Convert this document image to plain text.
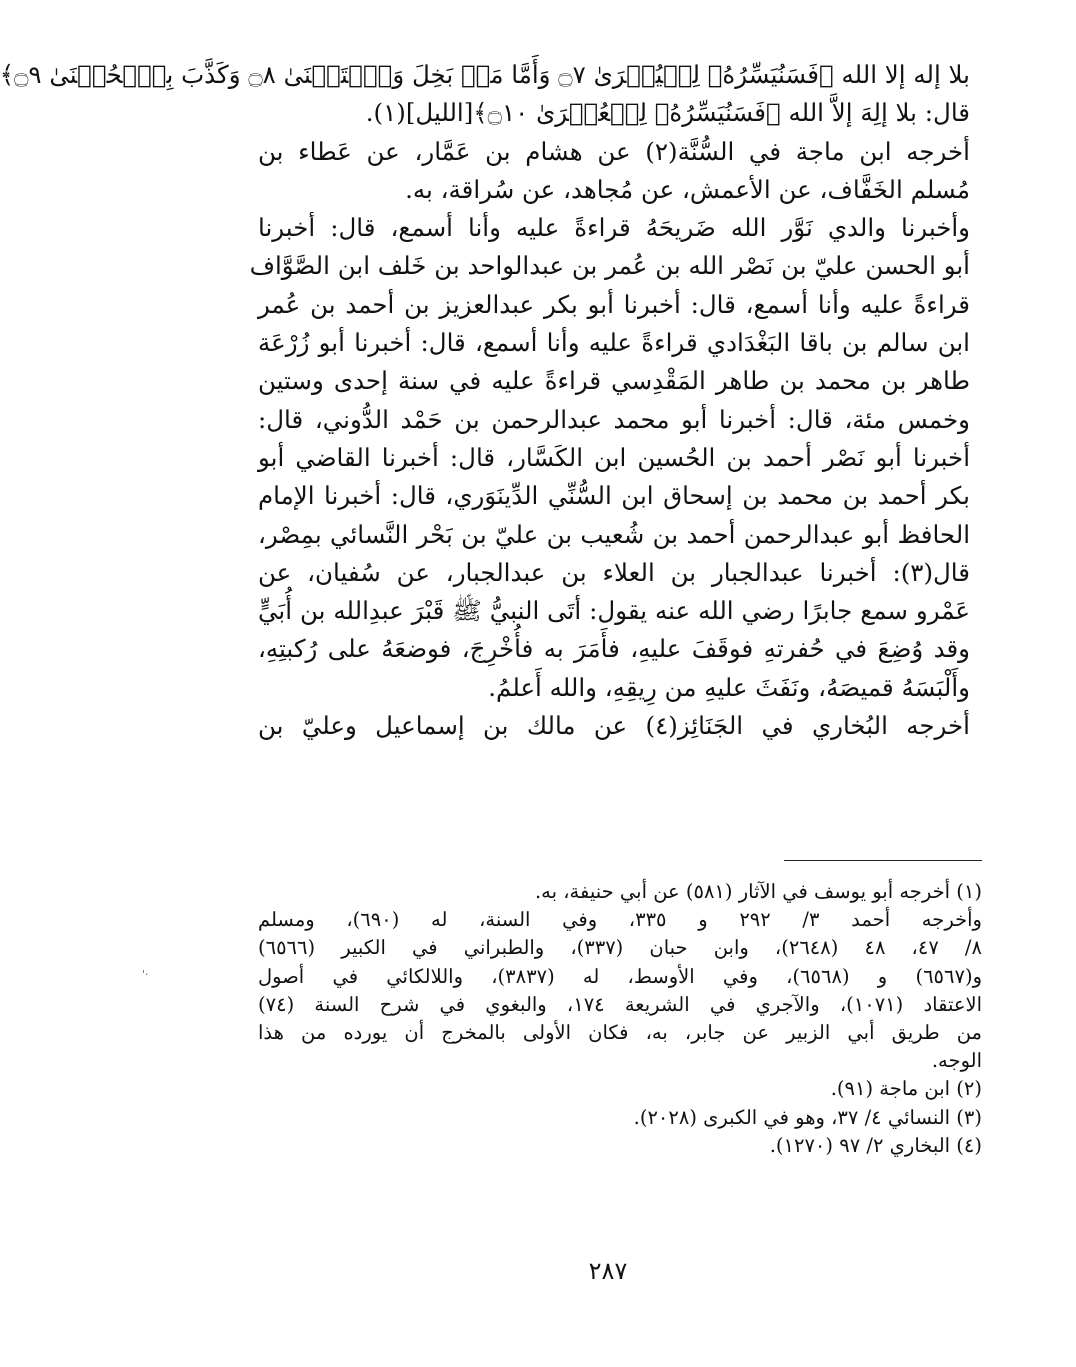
بلا إله إلا الله ﴿فَسَنُيَسِّرُهُۥ لِلۡيُسۡرَىٰ ۝٧ وَأَمَّا مَنۢ بَخِلَ وَٱسۡتَغۡنَىٰ ۝٨ وَكَذَّبَ بِٱلۡحُسۡنَىٰ ۝٩﴾
قال: بلا إلِهَ إلاَّ الله ﴿فَسَنُيَسِّرُهُۥ لِلۡعُسۡرَىٰ ۝١٠﴾[الليل](١).
أخرجه ابن ماجة في السُّنَّة(٢) عن هشام بن عَمَّار، عن عَطاء بن
مُسلم الخَفَّاف، عن الأعمش، عن مُجاهد، عن سُراقة، به.
وأخبرنا والدي نَوَّر الله ضَريحَهُ قراءةً عليه وأنا أسمع، قال: أخبرنا
أبو الحسن عليّ بن نَصْر الله بن عُمر بن عبدالواحد بن خَلف ابن الصَّوَّاف
قراءةً عليه وأنا أسمع، قال: أخبرنا أبو بكر عبدالعزيز بن أحمد بن عُمر
ابن سالم بن باقا البَغْدَادي قراءةً عليه وأنا أسمع، قال: أخبرنا أبو زُرْعَة
طاهر بن محمد بن طاهر المَقْدِسي قراءةً عليه في سنة إحدى وستين
وخمس مئة، قال: أخبرنا أبو محمد عبدالرحمن بن حَمْد الدُّوني، قال:
أخبرنا أبو نَصْر أحمد بن الحُسين ابن الكَسَّار، قال: أخبرنا القاضي أبو
بكر أحمد بن محمد بن إسحاق ابن السُّنِّي الدِّينَوَري، قال: أخبرنا الإمام
الحافظ أبو عبدالرحمن أحمد بن شُعيب بن عليّ بن بَحْر النَّسائي بمِصْر،
قال(٣): أخبرنا عبدالجبار بن العلاء بن عبدالجبار، عن سُفيان، عن
عَمْرو سمع جابرًا رضي الله عنه يقول: أتَى النبيُّ ﷺ قَبْرَ عبدِالله بن أُبَيٍّ
وقد وُضِعَ في حُفرتهِ فوقَفَ عليهِ، فأَمَرَ به فأُخْرِجَ، فوضعَهُ على رُكبتِهِ،
وأَلْبَسَهُ قميصَهُ، ونَفَثَ عليهِ من رِيقِهِ، والله أَعلمُ.
أخرجه البُخاري في الجَنَائِز(٤) عن مالك بن إسماعيل وعليّ بن
(١) أخرجه أبو يوسف في الآثار (٥٨١) عن أبي حنيفة، به.
وأخرجه أحمد ٣/ ٢٩٢ و ٣٣٥، وفي السنة، له (٦٩٠)، ومسلم
٨/ ٤٧، ٤٨ (٢٦٤٨)، وابن حبان (٣٣٧)، والطبراني في الكبير (٦٥٦٦)
و(٦٥٦٧) و (٦٥٦٨)، وفي الأوسط، له (٣٨٣٧)، واللالكائي في أصول
الاعتقاد (١٠٧١)، والآجري في الشريعة ١٧٤، والبغوي في شرح السنة (٧٤)
من طريق أبي الزبير عن جابر، به، فكان الأولى بالمخرج أن يورده من هذا
الوجه.
(٢) ابن ماجة (٩١).
(٣) النسائي ٤/ ٣٧، وهو في الكبرى (٢٠٢٨).
(٤) البخاري ٢/ ٩٧ (١٢٧٠).
٢٨٧
·'
